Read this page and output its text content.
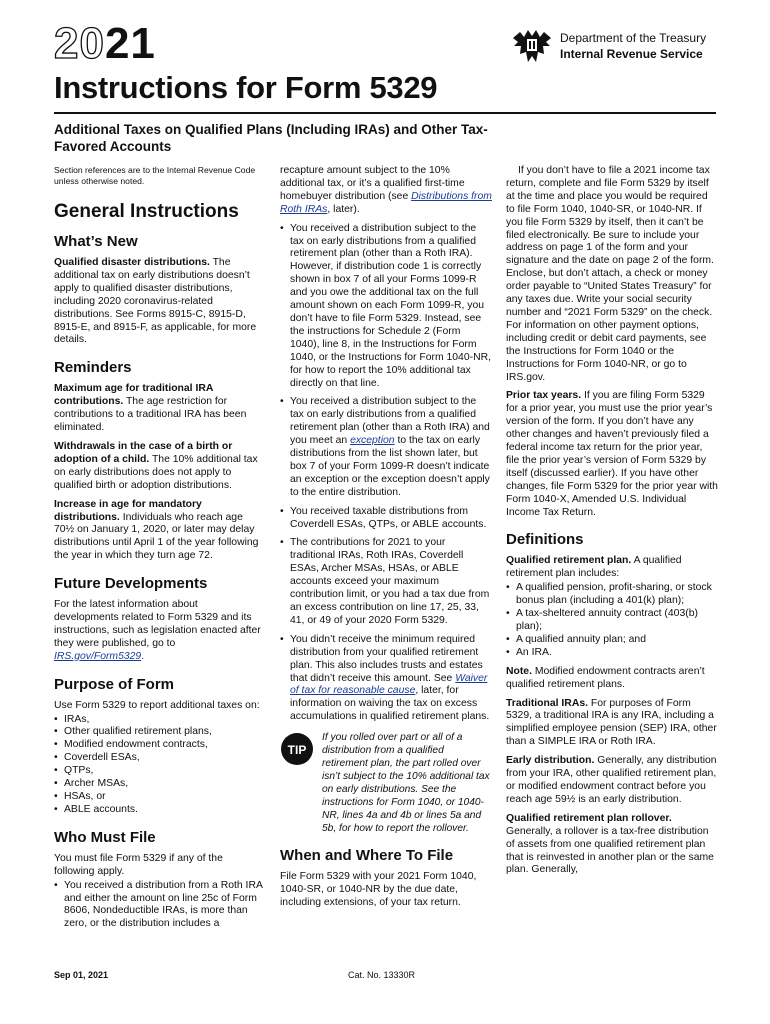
2021	Department of the Treasury
Internal Revenue Service
Instructions for Form 5329
Additional Taxes on Qualified Plans (Including IRAs) and Other Tax-Favored Accounts

Section references are to the Internal Revenue Code unless otherwise noted.

General Instructions
What’s New

Qualified disaster distributions. The additional tax on early distributions doesn’t apply to qualified disaster distributions, including 2020 coronavirus-related distributions. See Forms 8915-C, 8915-D, 8915-E, and 8915-F, as applicable, for more details.

Reminders

Maximum age for traditional IRA contributions. The age restriction for contributions to a traditional IRA has been eliminated.

Withdrawals in the case of a birth or adoption of a child. The 10% additional tax on early distributions does not apply to qualified birth or adoption distributions.

Increase in age for mandatory distributions. Individuals who reach age 70½ on January 1, 2020, or later may delay distributions until April 1 of the year following the year in which they turn age 72.

Future Developments

For the latest information about developments related to Form 5329 and its instructions, such as legislation enacted after they were published, go to IRS.gov/Form5329.

Purpose of Form

Use Form 5329 to report additional taxes on:

• IRAs,
• Other qualified retirement plans,
• Modified endowment contracts,
• Coverdell ESAs,
• QTPs,
• Archer MSAs,
• HSAs, or
• ABLE accounts.
Who Must File

You must file Form 5329 if any of the following apply.

• You received a distribution from a Roth IRA and either the amount on line 25c of Form 8606, Nondeductible IRAs, is more than zero, or the distribution includes a

recapture amount subject to the 10% additional tax, or it’s a qualified first-time homebuyer distribution (see Distributions from Roth IRAs, later).

• You received a distribution subject to the tax on early distributions from a qualified retirement plan (other than a Roth IRA). However, if distribution code 1 is correctly shown in box 7 of all your Forms 1099-R and you owe the additional tax on the full amount shown on each Form 1099-R, you don’t have to file Form 5329. Instead, see the instructions for Schedule 2 (Form 1040), line 8, in the Instructions for Form 1040, or the Instructions for Form 1040-NR, for how to report the 10% additional tax directly on that line.
• You received a distribution subject to the tax on early distributions from a qualified retirement plan (other than a Roth IRA) and you meet an exception to the tax on early distributions from the list shown later, but box 7 of your Form 1099-R doesn’t indicate an exception or the exception doesn’t apply to the entire distribution.
• You received taxable distributions from Coverdell ESAs, QTPs, or ABLE accounts.
• The contributions for 2021 to your traditional IRAs, Roth IRAs, Coverdell ESAs, Archer MSAs, HSAs, or ABLE accounts exceed your maximum contribution limit, or you had a tax due from an excess contribution on line 17, 25, 33, 41, or 49 of your 2020 Form 5329.
• You didn’t receive the minimum required distribution from your qualified retirement plan. This also includes trusts and estates that didn’t receive this amount. See Waiver of tax for reasonable cause, later, for information on waiving the tax on excess accumulations in qualified retirement plans.
TIP
If you rolled over part or all of a distribution from a qualified retirement plan, the part rolled over isn’t subject to the 10% additional tax on early distributions. See the instructions for Form 1040, or 1040-NR, lines 4a and 4b or lines 5a and 5b, for how to report the rollover.
When and Where To File

File Form 5329 with your 2021 Form 1040, 1040-SR, or 1040-NR by the due date, including extensions, of your tax return.

If you don’t have to file a 2021 income tax return, complete and file Form 5329 by itself at the time and place you would be required to file Form 1040, 1040-SR, or 1040-NR. If you file Form 5329 by itself, then it can’t be filed electronically. Be sure to include your address on page 1 of the form and your signature and the date on page 2 of the form. Enclose, but don’t attach, a check or money order payable to “United States Treasury” for any taxes due. Write your social security number and “2021 Form 5329” on the check. For information on other payment options, including credit or debit card payments, see the Instructions for Form 1040 or the Instructions for Form 1040-NR, or go to IRS.gov.

Prior tax years. If you are filing Form 5329 for a prior year, you must use the prior year’s version of the form. If you don’t have any other changes and haven’t previously filed a federal income tax return for the prior year, file the prior year’s version of Form 5329 by itself (discussed earlier). If you have other changes, file Form 5329 for the prior year with Form 1040-X, Amended U.S. Individual Income Tax Return.

Definitions

Qualified retirement plan. A qualified retirement plan includes:

• A qualified pension, profit-sharing, or stock bonus plan (including a 401(k) plan);
• A tax-sheltered annuity contract (403(b) plan);
• A qualified annuity plan; and
• An IRA.

Note. Modified endowment contracts aren’t qualified retirement plans.

Traditional IRAs. For purposes of Form 5329, a traditional IRA is any IRA, including a simplified employee pension (SEP) IRA, other than a SIMPLE IRA or Roth IRA.

Early distribution. Generally, any distribution from your IRA, other qualified retirement plan, or modified endowment contract before you reach age 59½ is an early distribution.

Qualified retirement plan rollover. Generally, a rollover is a tax-free distribution of assets from one qualified retirement plan that is reinvested in another plan or the same plan. Generally,

Sep 01, 2021	Cat. No. 13330R
